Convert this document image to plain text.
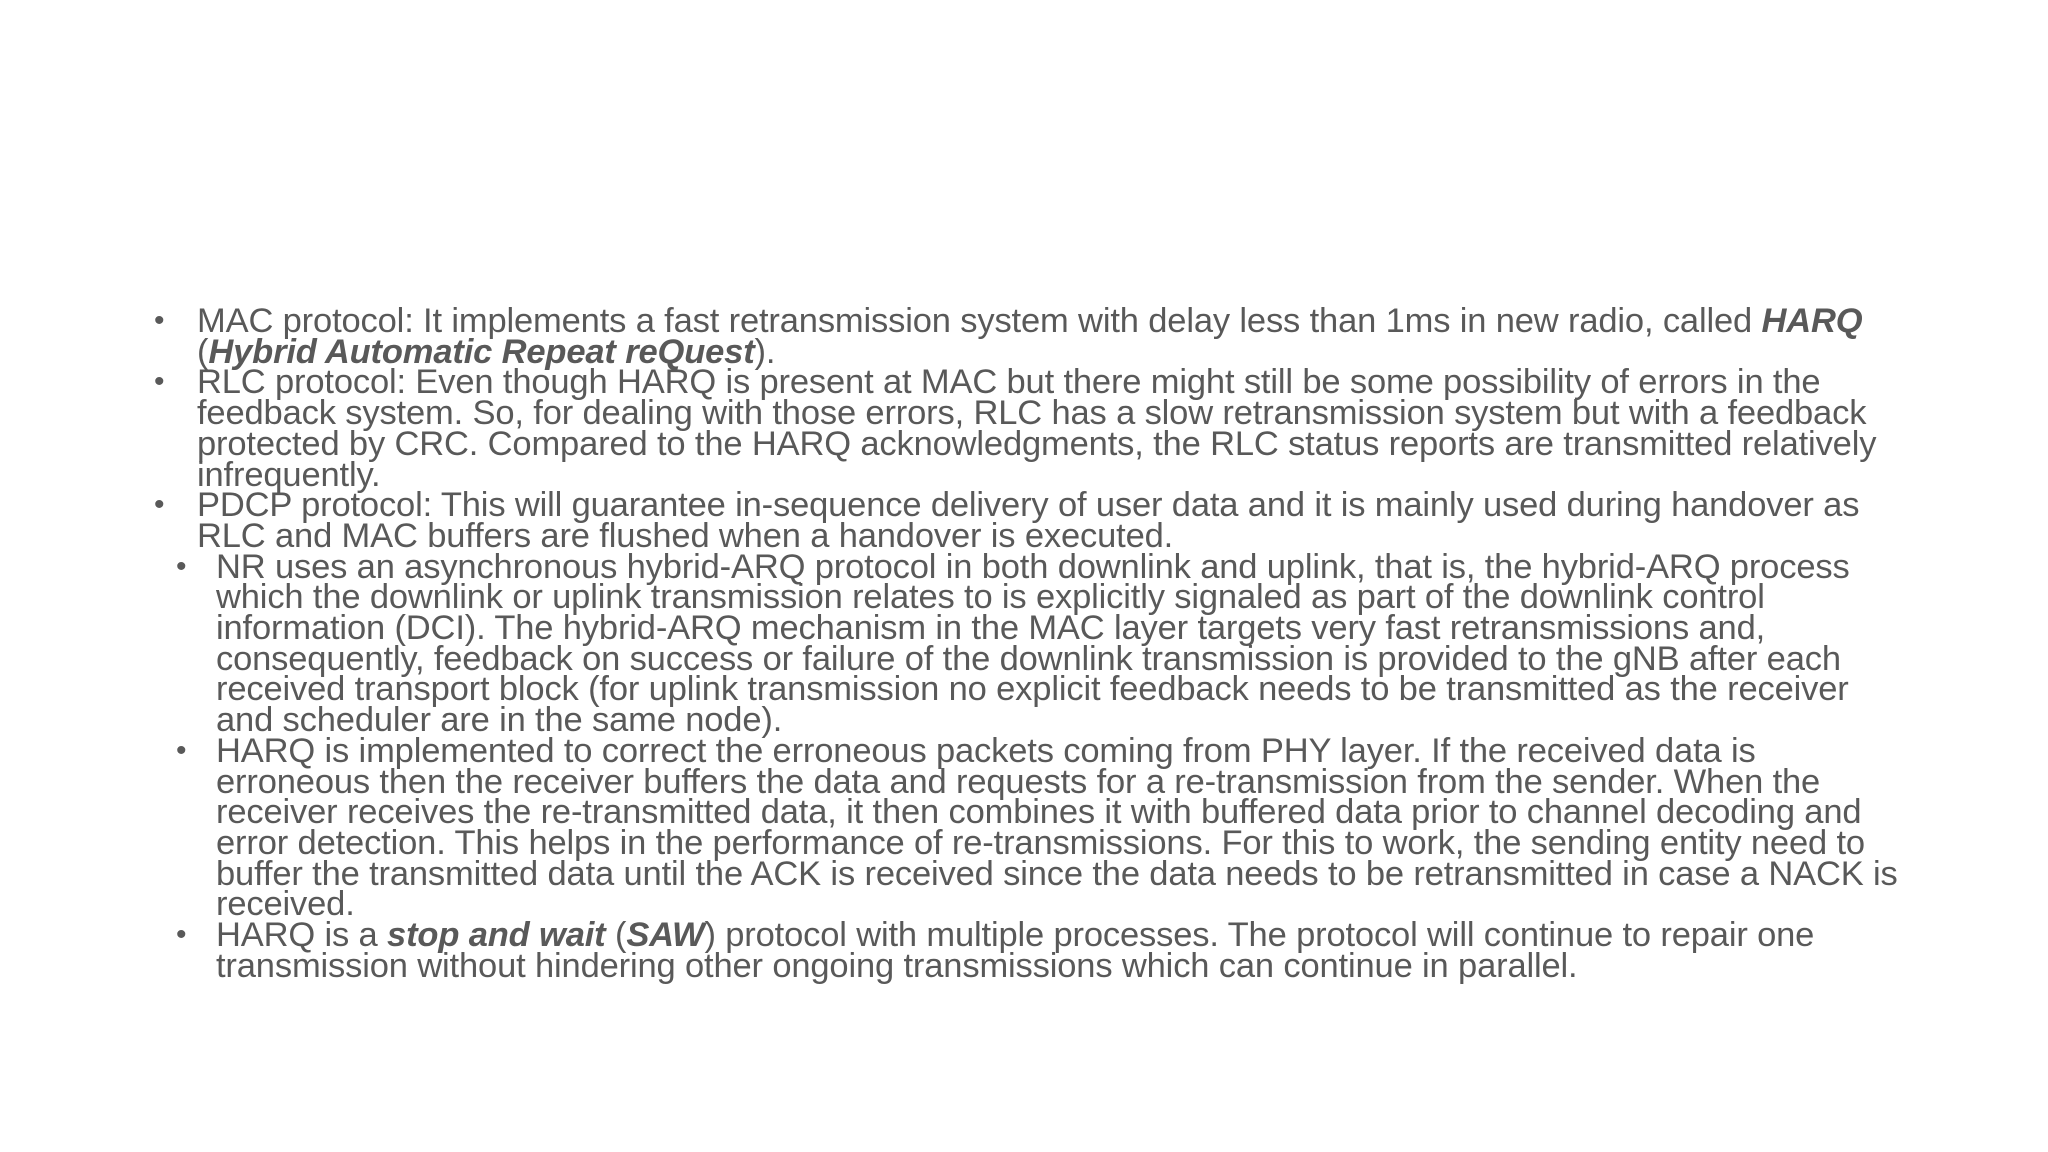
• MAC protocol: It implements a fast retransmission system with delay less than 1ms in new radio, called HARQ (Hybrid Automatic Repeat reQuest).
• RLC protocol: Even though HARQ is present at MAC but there might still be some possibility of errors in the feedback system. So, for dealing with those errors, RLC has a slow retransmission system but with a feedback protected by CRC. Compared to the HARQ acknowledgments, the RLC status reports are transmitted relatively infrequently.
• PDCP protocol: This will guarantee in-sequence delivery of user data and it is mainly used during handover as RLC and MAC buffers are flushed when a handover is executed.
• NR uses an asynchronous hybrid-ARQ protocol in both downlink and uplink, that is, the hybrid-ARQ process which the downlink or uplink transmission relates to is explicitly signaled as part of the downlink control information (DCI). The hybrid-ARQ mechanism in the MAC layer targets very fast retransmissions and, consequently, feedback on success or failure of the downlink transmission is provided to the gNB after each received transport block (for uplink transmission no explicit feedback needs to be transmitted as the receiver and scheduler are in the same node).
• HARQ is implemented to correct the erroneous packets coming from PHY layer. If the received data is erroneous then the receiver buffers the data and requests for a re-transmission from the sender. When the receiver receives the re-transmitted data, it then combines it with buffered data prior to channel decoding and error detection. This helps in the performance of re-transmissions. For this to work, the sending entity need to buffer the transmitted data until the ACK is received since the data needs to be retransmitted in case a NACK is received.
• HARQ is a stop and wait (SAW) protocol with multiple processes. The protocol will continue to repair one transmission without hindering other ongoing transmissions which can continue in parallel.
